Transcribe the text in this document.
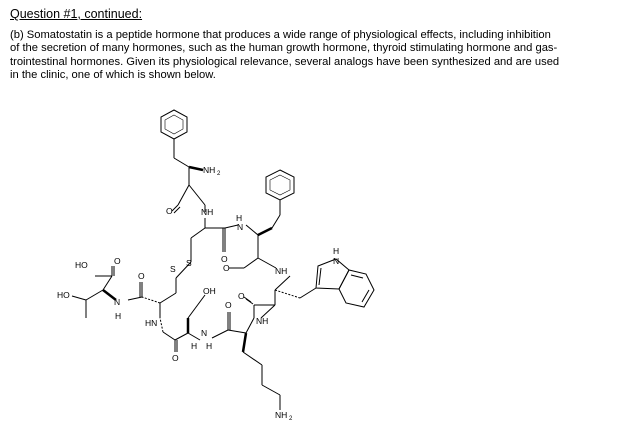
Question #1, continued:
(b) Somatostatin is a peptide hormone that produces a wide range of physiological effects, including inhibition
of the secretion of many hormones, such as the human growth hormone, thyroid stimulating hormone and gas-
trointestinal hormones. Given its physiological relevance, several analogs have been synthesized and are used
in the clinic, one of which is shown below.
NH 2
NH
H
N
NH
H
N
S
S
HO
HO	OH
N
H
HN
N
H H
NH
NH 2
O
O
O
O
O
O
O
O
